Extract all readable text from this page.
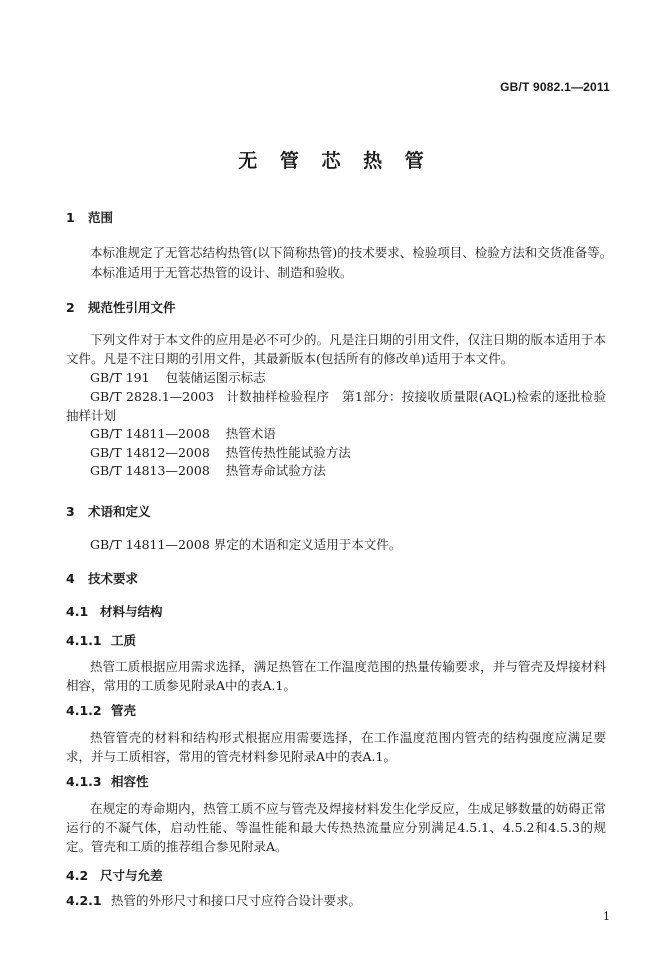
GB/T 9082.1—2011
无 管 芯 热 管
1 范围
本标准规定了无管芯结构热管(以下简称热管)的技术要求、检验项目、检验方法和交货准备等。
本标准适用于无管芯热管的设计、制造和验收。
2 规范性引用文件
下列文件对于本文件的应用是必不可少的。凡是注日期的引用文件，仅注日期的版本适用于本文件。凡是不注日期的引用文件，其最新版本(包括所有的修改单)适用于本文件。
GB/T 191 包装储运图示标志
GB/T 2828.1—2003 计数抽样检验程序　第1部分：按接收质量限(AQL)检索的逐批检验抽样计划
GB/T 14811—2008 热管术语
GB/T 14812—2008 热管传热性能试验方法
GB/T 14813—2008 热管寿命试验方法
3 术语和定义
GB/T 14811—2008 界定的术语和定义适用于本文件。
4 技术要求
4.1 材料与结构
4.1.1 工质
热管工质根据应用需求选择，满足热管在工作温度范围的热量传输要求，并与管壳及焊接材料相容，常用的工质参见附录A中的表A.1。
4.1.2 管壳
热管管壳的材料和结构形式根据应用需要选择，在工作温度范围内管壳的结构强度应满足要求，并与工质相容，常用的管壳材料参见附录A中的表A.1。
4.1.3 相容性
在规定的寿命期内，热管工质不应与管壳及焊接材料发生化学反应，生成足够数量的妨碍正常运行的不凝气体，启动性能、等温性能和最大传热热流量应分别满足4.5.1、4.5.2和4.5.3的规定。管壳和工质的推荐组合参见附录A。
4.2 尺寸与允差
4.2.1 热管的外形尺寸和接口尺寸应符合设计要求。
1
